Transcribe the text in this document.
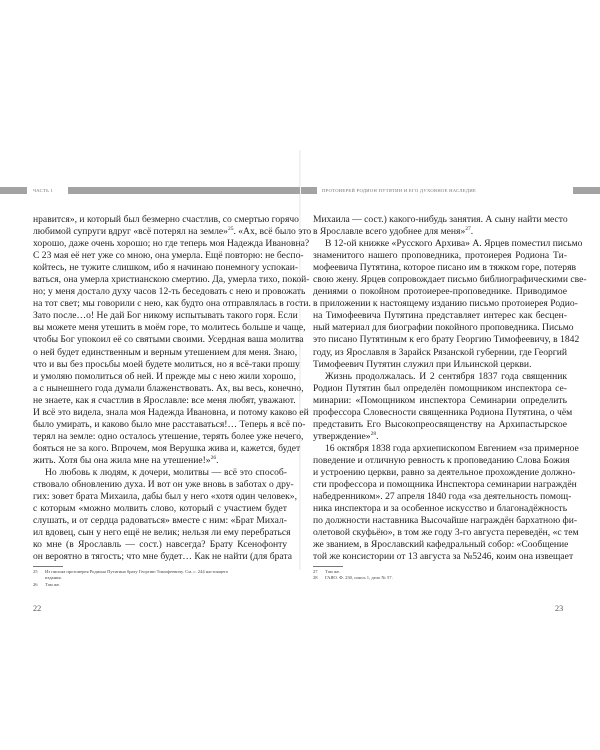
ЧАСТЬ 1	ПРОТОИЕРЕЙ РОДИОН ПУТЯТИН И ЕГО ДУХОВНОЕ НАСЛЕДИЕ
нравится», и который был безмерно счастлив, со смертью горячо
любимой супруги вдруг «всё потерял на земле»$^{25}$. «Ах, всё было это
хорошо, даже очень хорошо; но где теперь моя Надежда Ивановна?
С 23 мая её нет уже со мною, она умерла. Ещё повторю: не беспо-
койтесь, не тужите слишком, ибо я начинаю понемногу успокаи-
ваться, она умерла христианскою смертию. Да, умерла тихо, покой-
но; у меня достало духу часов 12-ть беседовать с нею и провожать
на тот свет; мы говорили с нею, как будто она отправлялась в гости.
Зато после…о! Не дай Бог никому испытывать такого горя. Если
вы можете меня утешить в моём горе, то молитесь больше и чаще,
чтобы Бог упокоил её со святыми своими. Усердная ваша молитва
о ней будет единственным и верным утешением для меня. Знаю,
что и вы без просьбы моей будете молиться, но я всё-таки прошу
и умоляю помолиться об ней. И прежде мы с нею жили хорошо,
а с нынешнего года думали блаженствовать. Ах, вы весь, конечно,
не знаете, как я счастлив в Ярославле: все меня любят, уважают.
И всё это видела, знала моя Надежда Ивановна, и потому каково ей
было умирать, и каково было мне расставаться!… Теперь я всё по-
терял на земле: одно осталось утешение, терять более уже нечего,
бояться не за кого. Впрочем, моя Верушка жива и, кажется, будет
жить. Хотя бы она жила мне на утешение!»$^{26}$.
Но любовь к людям, к дочери, молитвы — всё это способ-
ствовало обновлению духа. И вот он уже вновь в заботах о дру-
гих: зовет брата Михаила, дабы был у него «хотя один человек»,
с которым «можно молвить слово, который с участием будет
слушать, и от сердца радоваться» вместе с ним: «Брат Михал-
ил вдовец, сын у него ещё не велик; нельзя ли ему перебраться
ко мне (в Ярославль — сост.) навсегда? Брату Ксенофонту
он вероятно в тягость; что мне будет… Как не найти (для брата
25 Из письма протоиерея Родиона Путятина брату Георгию Тимофеевичу. См. с. 244 настоящего
издания.
26 Там же.
22
Михаила — сост.) какого-нибудь занятия. А сыну найти место
в Ярославле всего удобнее для меня»$^{27}$.
В 12-ой книжке «Русского Архива» А. Ярцев поместил письмо
знаменитого нашего проповедника, протоиерея Родиона Ти-
мофеевича Путятина, которое писано им в тяжком горе, потеряв
свою жену. Ярцев сопровождает письмо библиографическими све-
дениями о покойном протоиерее-проповеднике. Приводимое
в приложении к настоящему изданию письмо протоиерея Родио-
на Тимофеевича Путятина представляет интерес как бесцен-
ный материал для биографии покойного проповедника. Письмо
это писано Путятиным к его брату Георгию Тимофеевичу, в 1842
году, из Ярославля в Зарайск Рязанской губернии, где Георгий
Тимофеевич Путятин служил при Ильинской церкви.
Жизнь продолжалась. И 2 сентября 1837 года священник
Родион Путятин был определён помощником инспектора се-
минарии: «Помощником инспектора Семинарии определить
профессора Словесности священника Родиона Путятина, о чём
представить Его Высокопреосвященству на Архипастырское
утверждение»$^{28}$.
16 октября 1838 года архиепископом Евгением «за примерное
поведение и отличную ревность к проповеданию Слова Божия
и устроению церкви, равно за деятельное прохождение должно-
сти профессора и помощника Инспектора семинарии награждён
набедренником». 27 апреля 1840 года «за деятельность помощ-
ника инспектора и за особенное искусство и благонадёжность
по должности наставника Высочайше награждён бархатною фи-
олетовой скуфьёю», в том же году 3-го августа переведён, «с тем
же званием, в Ярославский кафедральный собор: «Сообщение
той же консистории от 13 августа за №5246, коим она извещает
27 Там же.
28 ГАЯО. Ф. 230, опись 1, дело № 57.
23
